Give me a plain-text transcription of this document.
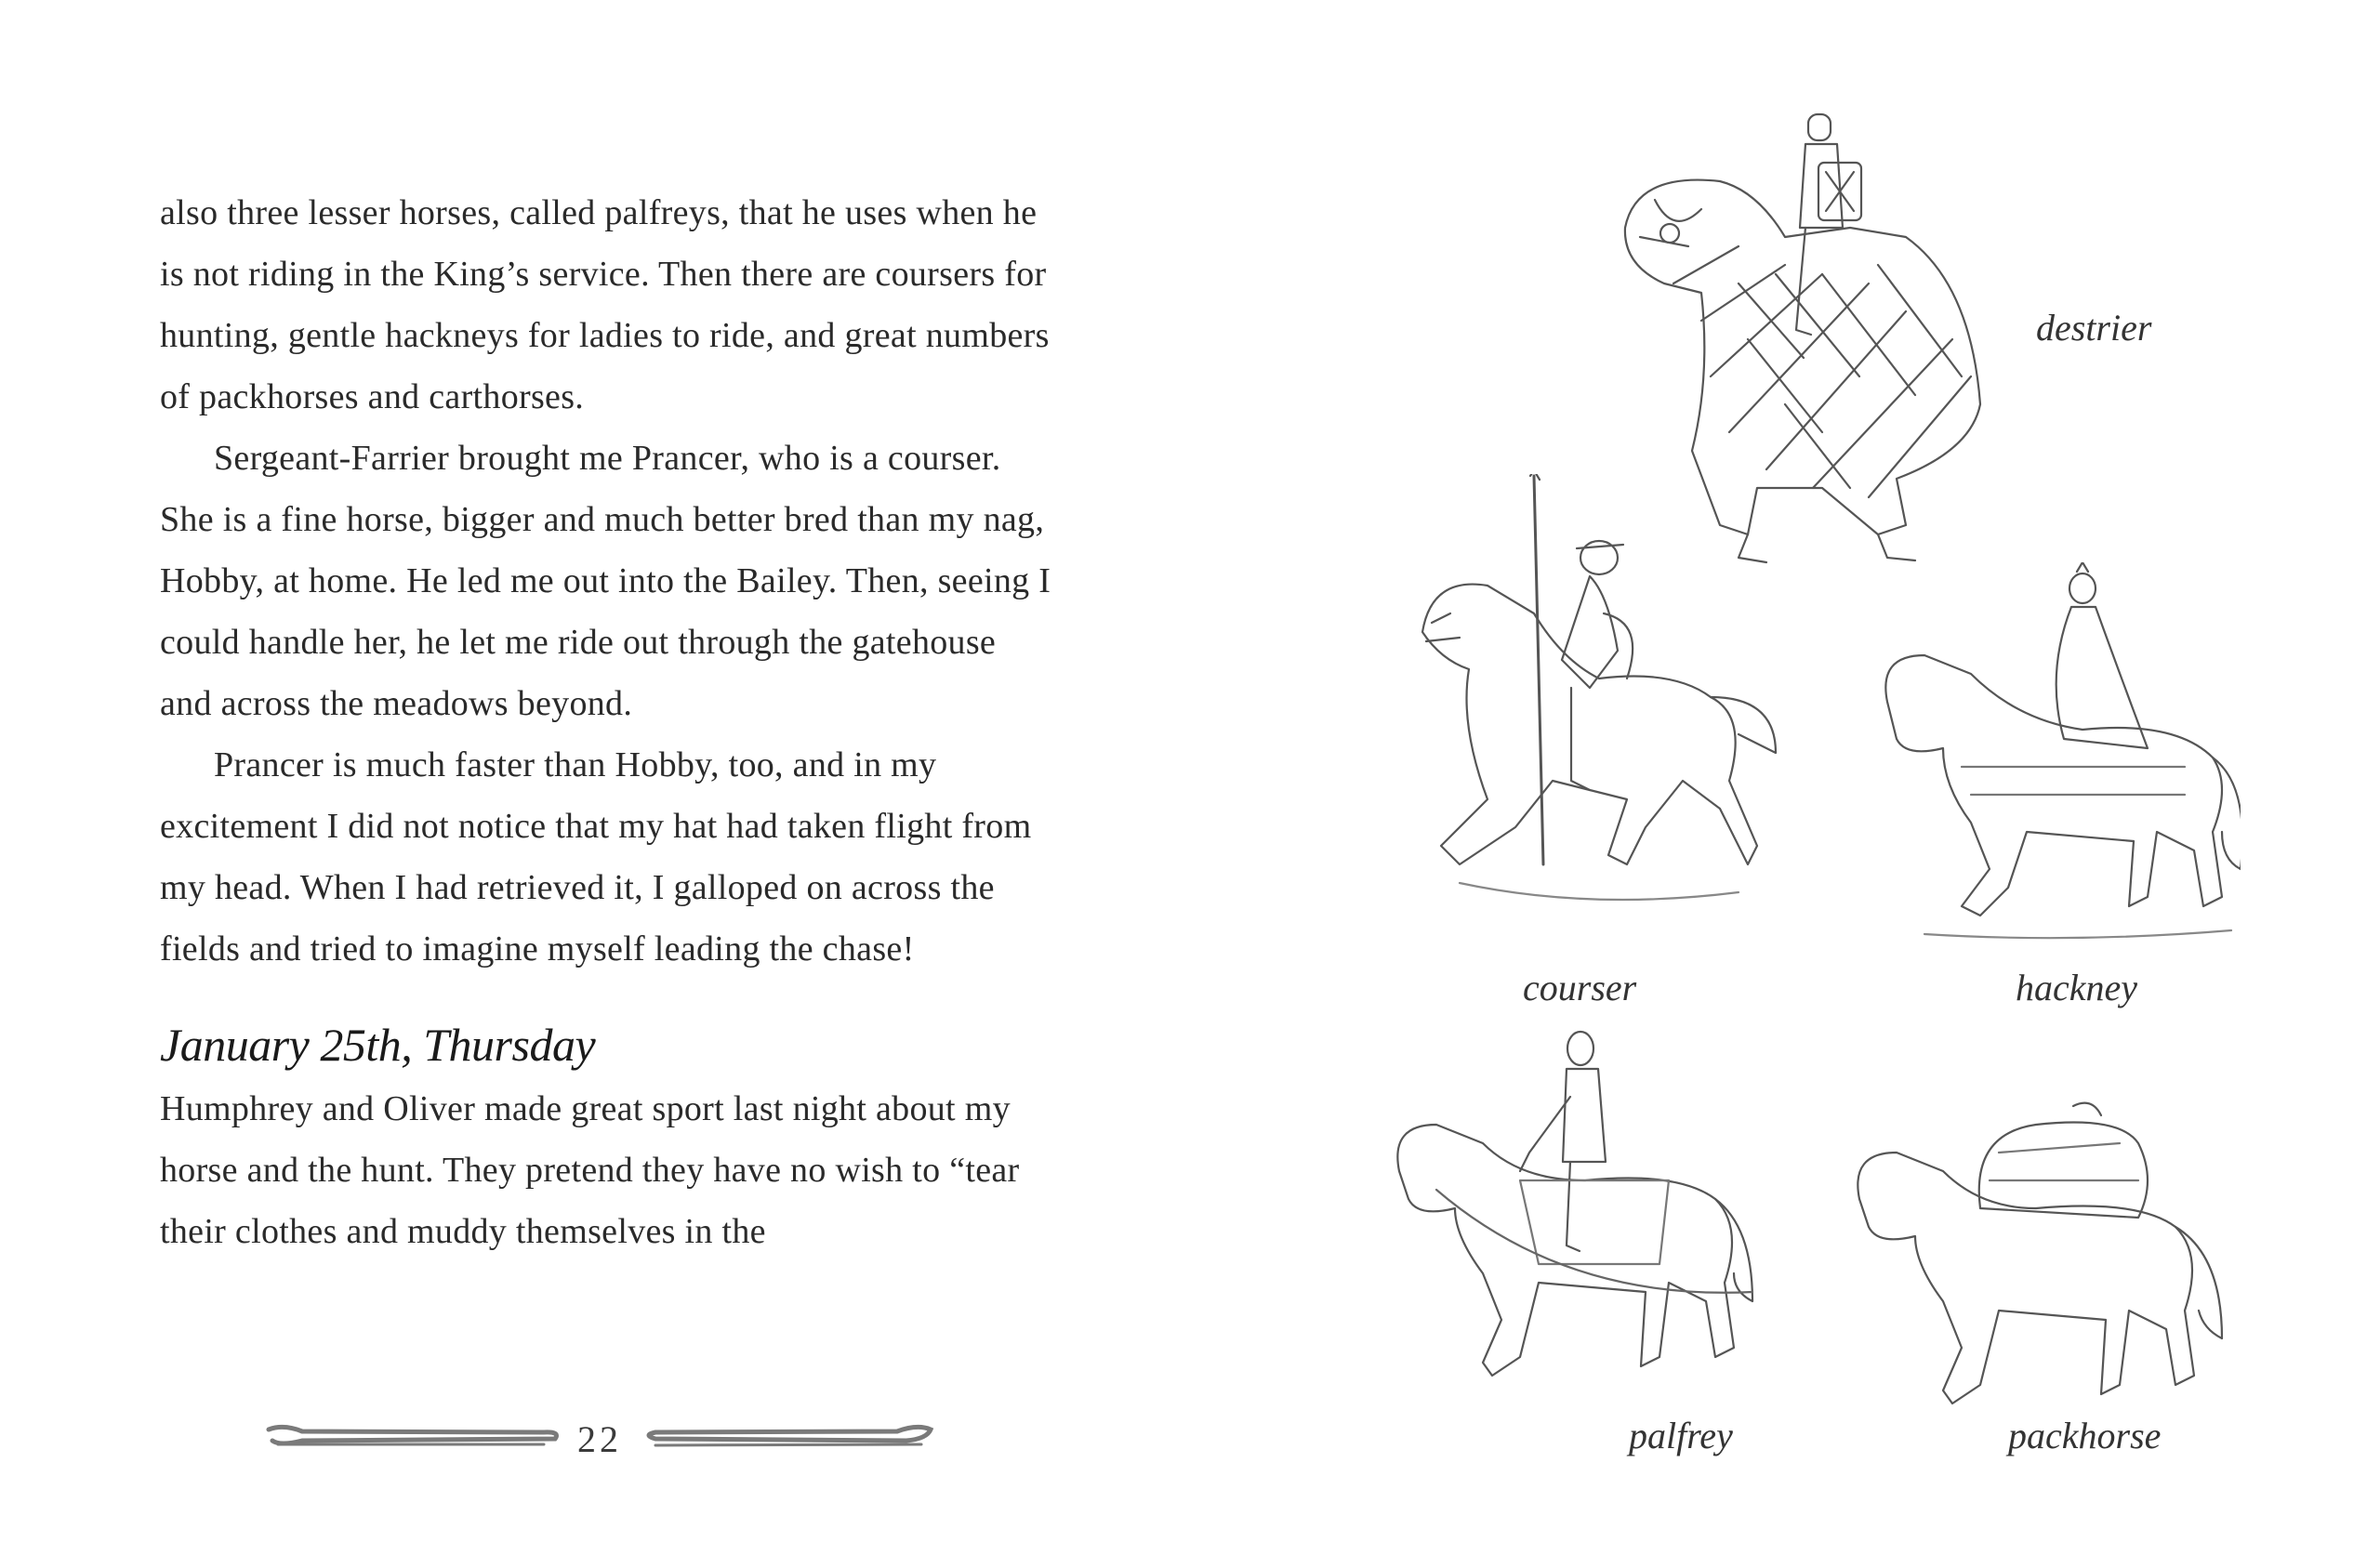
also three lesser horses, called palfreys, that he uses when he is not riding in the King’s service. Then there are coursers for hunting, gentle hackneys for ladies to ride, and great numbers of packhorses and carthorses.

Sergeant-Farrier brought me Prancer, who is a courser. She is a fine horse, bigger and much better bred than my nag, Hobby, at home. He led me out into the Bailey. Then, seeing I could handle her, he let me ride out through the gatehouse and across the meadows beyond.

Prancer is much faster than Hobby, too, and in my excitement I did not notice that my hat had taken flight from my head. When I had retrieved it, I galloped on across the fields and tried to imagine myself leading the chase!

January 25th, Thursday

Humphrey and Oliver made great sport last night about my horse and the hunt. They pretend they have no wish to “tear their clothes and muddy themselves in the

22
destrier
courser	hackney
palfrey	packhorse
